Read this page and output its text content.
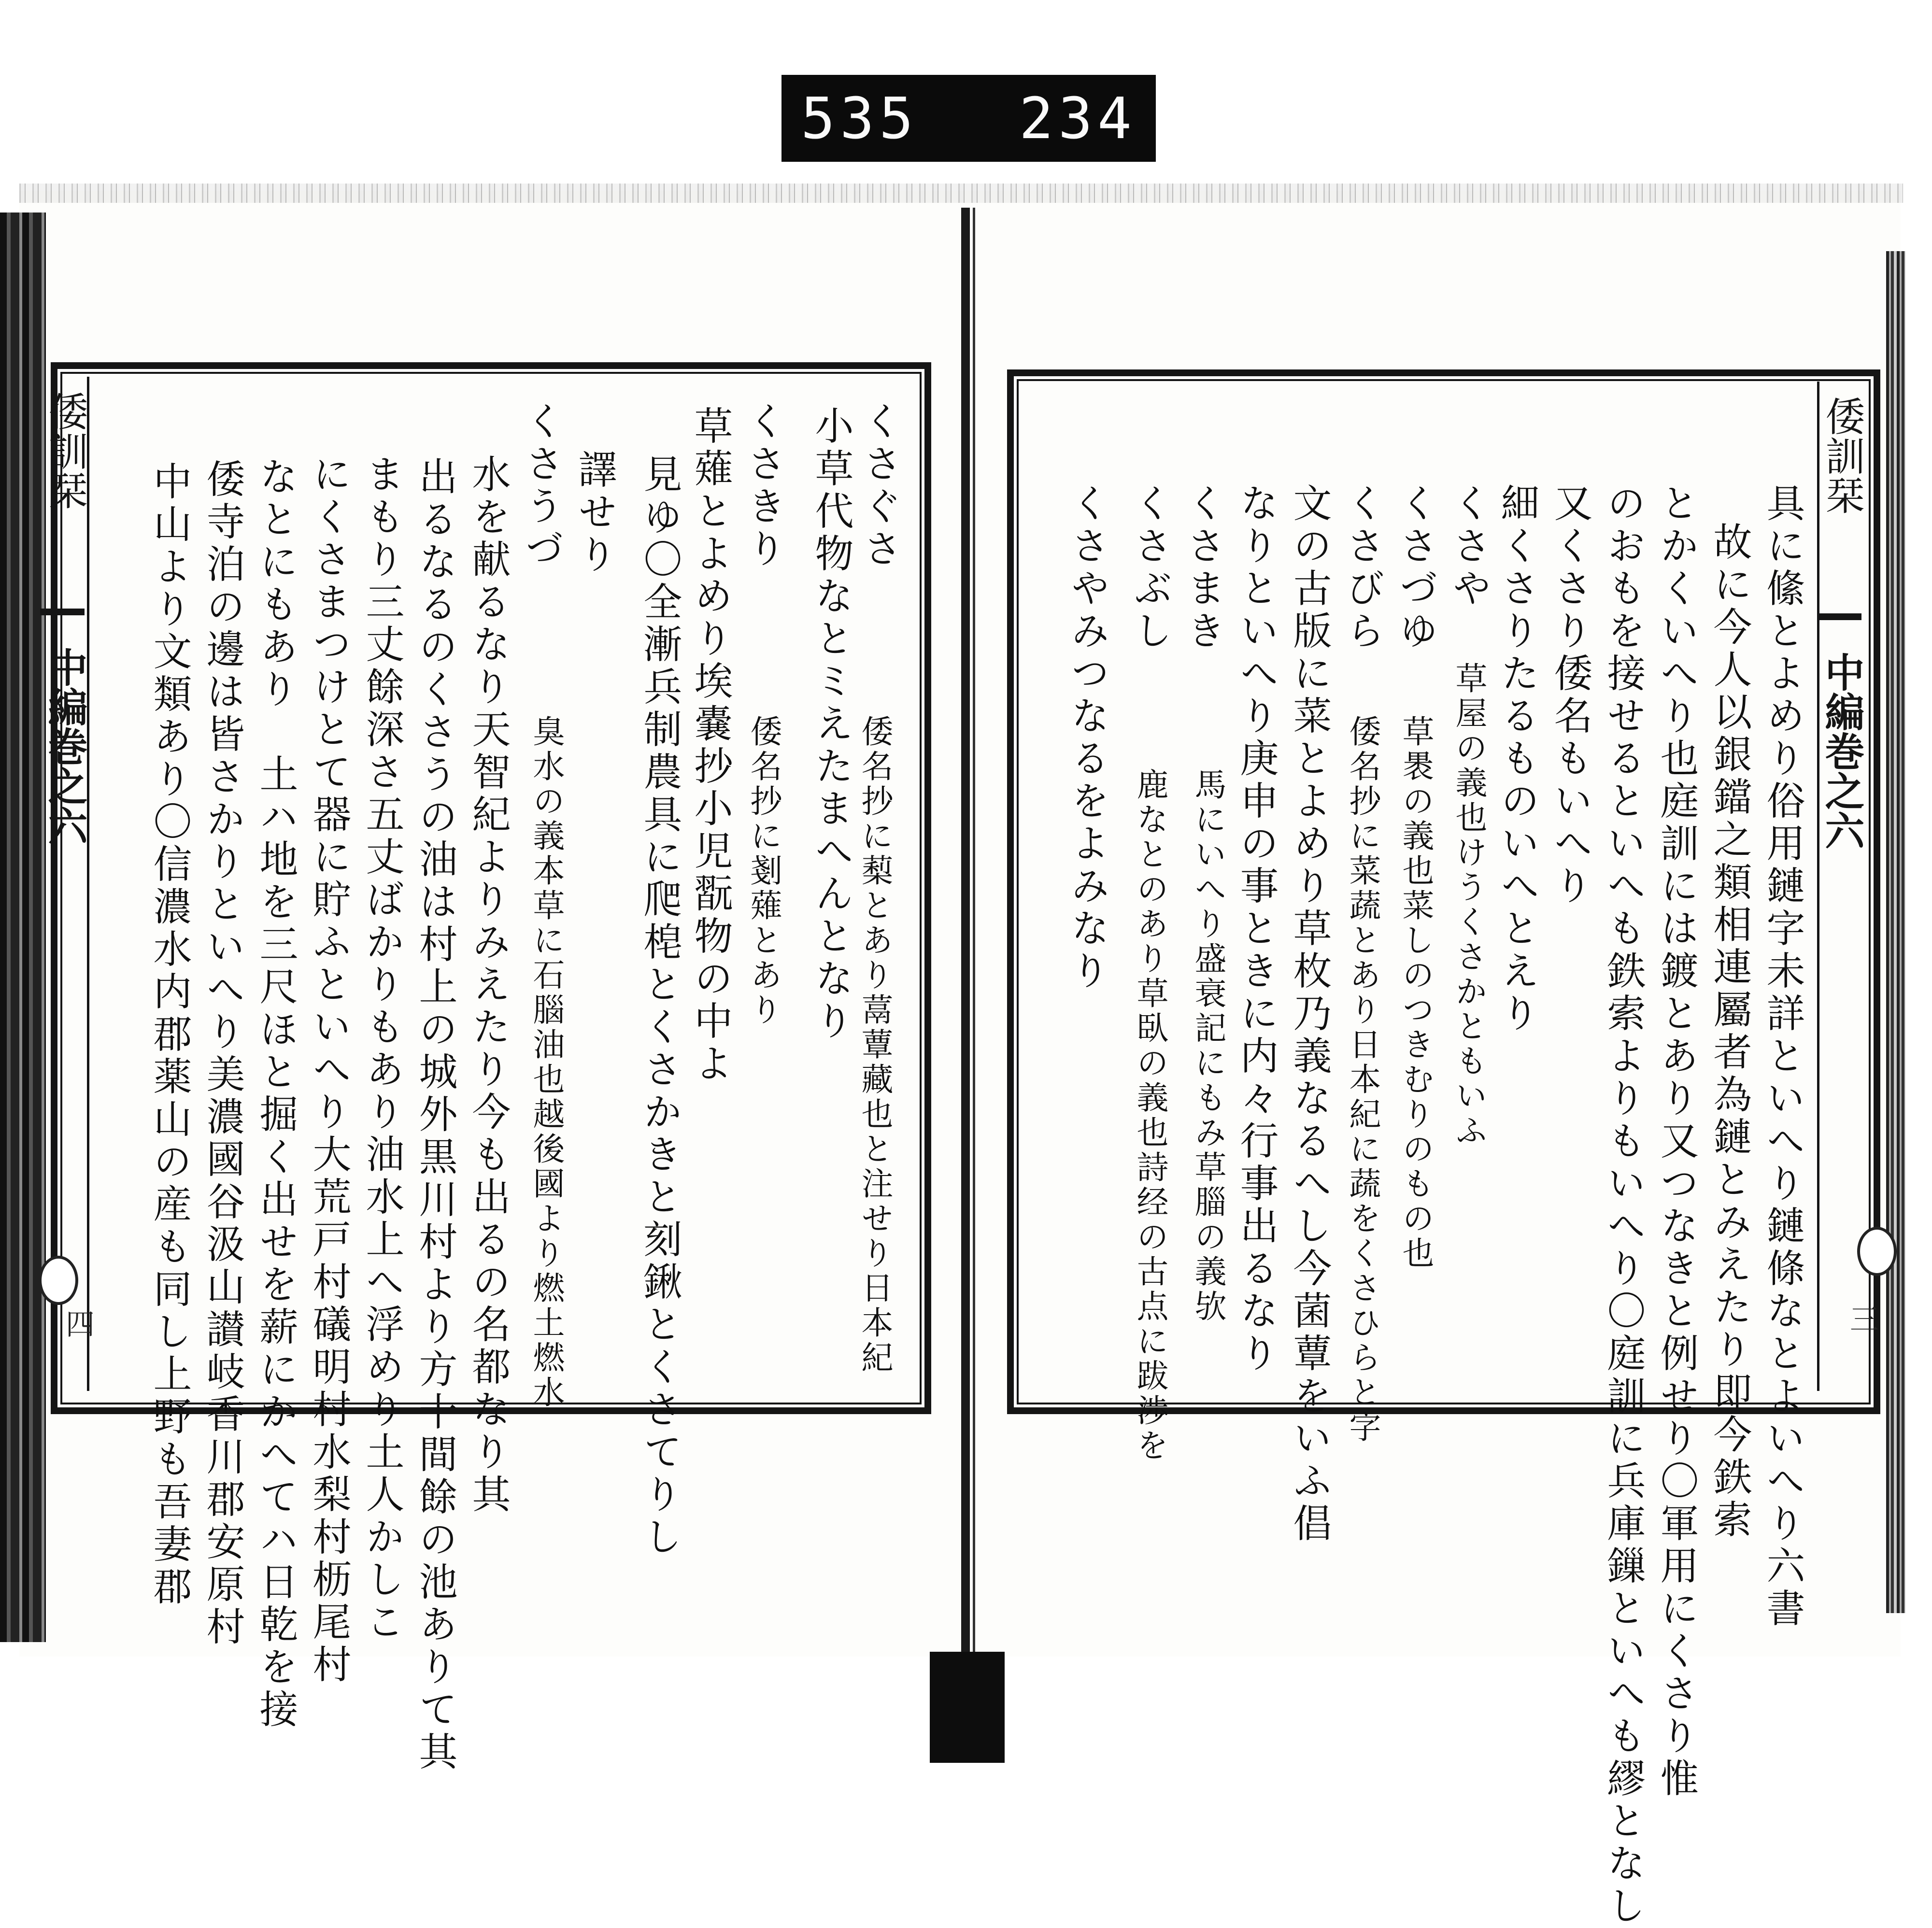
535 234
倭訓栞
中編巻之六
四
くさぐさ
小草代物なとミえたまへんとなり 倭名抄に䔧とあり蒚蕈藏也と注せり日本紀
くさきり
倭名抄に剗薙とあり
草薙とよめり埃嚢抄小児翫物の中よ
見ゆ〇全漸兵制農具に爬梍とくさかきと刻鍬とくさてりし
譯せり
くさうづ
臭水の義本草に石腦油也越後國より燃土燃水
水を献るなり天智紀よりみえたり今も出るの名都なり其
出るなるのくさうの油は村上の城外黒川村より方十間餘の池ありて其
まもり三丈餘深さ五丈ばかりもあり油水上へ浮めり土人かしこ
にくさまつけとて器に貯ふといへり大荒戸村礒明村水梨村枥尾村
なとにもあり　土ハ地を三尺ほと掘く出せを薪にかへてハ日乾を接
倭寺泊の邊は皆さかりといへり美濃國谷汲山讃岐香川郡安原村
中山より文類あり〇信濃水内郡薬山の産も同し上野も吾妻郡
倭訓栞
中編巻之六
三
具に絛とよめり俗用鏈字未詳といへり鏈條なとよいへり六書
故に今人以銀鐺之類相連屬者為鏈とみえたり即今鉄索
とかくいへり也庭訓には鍍とあり又つなきと例せり〇軍用にくさり惟
のおもを接せるといへも鉄索よりもいへり〇庭訓に兵庫鏁といへも繆となし
又くさり倭名もいへり
細くさりたるものいへとえり
くさや
草屋の義也けうくさかともいふ
くさづゆ
草褁の義也菜しのつきむりのもの也
くさびら
倭名抄に菜蔬とあり日本紀に蔬をくさひらと字
文の古版に菜とよめり草枚乃義なるへし今菌蕈をいふ倡
なりといへり庚申の事ときに内々行事出るなり
馬にいへり盛衰記にもみ草䐉の義欤
くさまき
鹿なとのあり草臥の義也詩经の古点に跋渉を
くさぶし
くさやみつなるをよみなり
